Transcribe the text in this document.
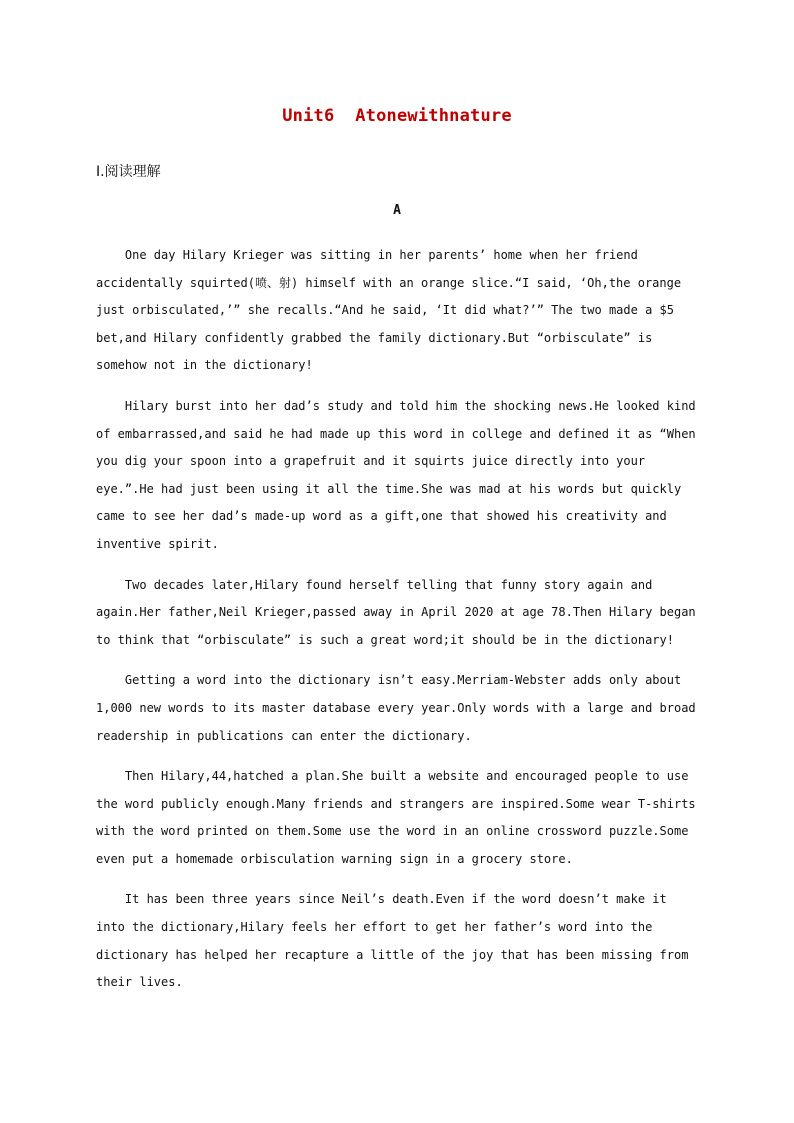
Unit6  Atonewithnature
Ⅰ.阅读理解
A
One day Hilary Krieger was sitting in her parents’ home when her friend
accidentally squirted(喷、射) himself with an orange slice.“I said, ‘Oh,the orange
just orbisculated,’” she recalls.“And he said, ‘It did what?’” The two made a $5
bet,and Hilary confidently grabbed the family dictionary.But “orbisculate” is
somehow not in the dictionary!
Hilary burst into her dad’s study and told him the shocking news.He looked kind
of embarrassed,and said he had made up this word in college and defined it as “When
you dig your spoon into a grapefruit and it squirts juice directly into your
eye.”.He had just been using it all the time.She was mad at his words but quickly
came to see her dad’s made-up word as a gift,one that showed his creativity and
inventive spirit.
Two decades later,Hilary found herself telling that funny story again and
again.Her father,Neil Krieger,passed away in April 2020 at age 78.Then Hilary began
to think that “orbisculate” is such a great word;it should be in the dictionary!
Getting a word into the dictionary isn’t easy.Merriam-Webster adds only about
1,000 new words to its master database every year.Only words with a large and broad
readership in publications can enter the dictionary.
Then Hilary,44,hatched a plan.She built a website and encouraged people to use
the word publicly enough.Many friends and strangers are inspired.Some wear T-shirts
with the word printed on them.Some use the word in an online crossword puzzle.Some
even put a homemade orbisculation warning sign in a grocery store.
It has been three years since Neil’s death.Even if the word doesn’t make it
into the dictionary,Hilary feels her effort to get her father’s word into the
dictionary has helped her recapture a little of the joy that has been missing from
their lives.
